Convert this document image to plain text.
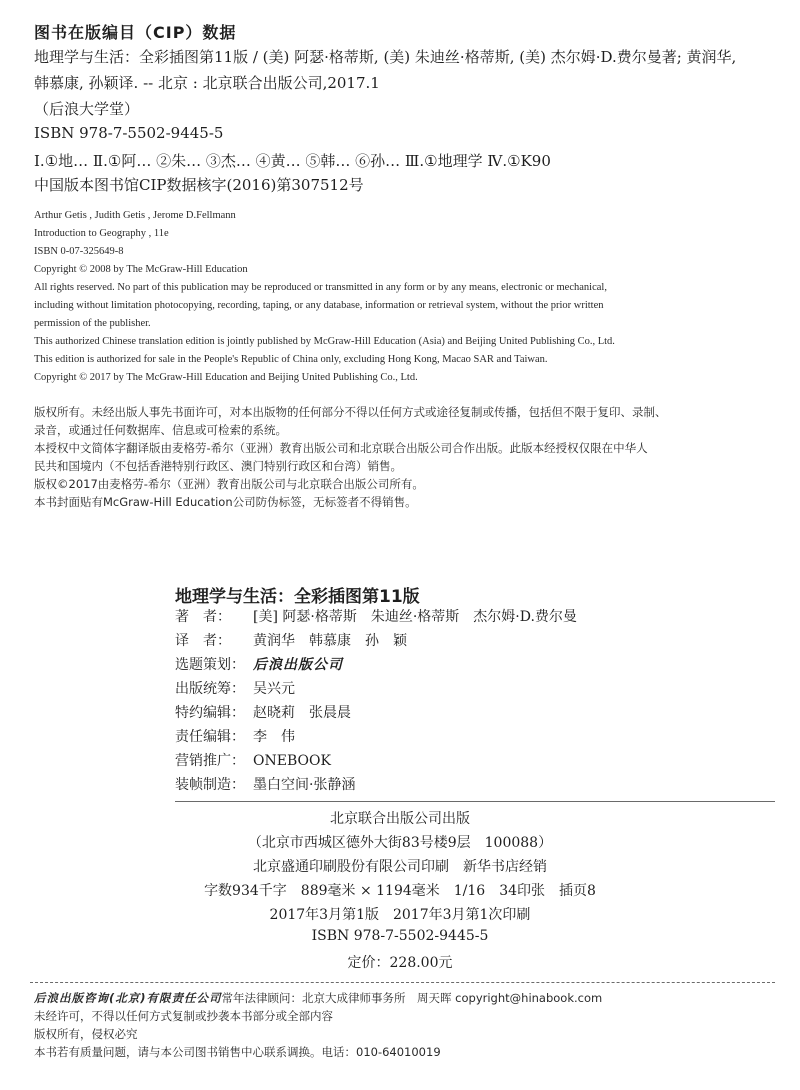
图书在版编目（CIP）数据
地理学与生活：全彩插图第11版 / (美) 阿瑟·格蒂斯, (美) 朱迪丝·格蒂斯, (美) 杰尔姆·D.费尔曼著; 黄润华,
韩慕康, 孙颖译. -- 北京 : 北京联合出版公司,2017.1
（后浪大学堂）
ISBN 978-7-5502-9445-5
Ⅰ.①地… Ⅱ.①阿… ②朱… ③杰… ④黄… ⑤韩… ⑥孙… Ⅲ.①地理学 Ⅳ.①K90
中国版本图书馆CIP数据核字(2016)第307512号
Arthur Getis , Judith Getis , Jerome D.Fellmann
Introduction to Geography , 11e
ISBN 0-07-325649-8
Copyright © 2008 by The McGraw-Hill Education
All rights reserved. No part of this publication may be reproduced or transmitted in any form or by any means, electronic or mechanical,
including without limitation photocopying, recording, taping, or any database, information or retrieval system, without the prior written
permission of the publisher.
This authorized Chinese translation edition is jointly published by McGraw-Hill Education (Asia) and Beijing United Publishing Co., Ltd.
This edition is authorized for sale in the People's Republic of China only, excluding Hong Kong, Macao SAR and Taiwan.
Copyright © 2017 by The McGraw-Hill Education and Beijing United Publishing Co., Ltd.
版权所有。未经出版人事先书面许可，对本出版物的任何部分不得以任何方式或途径复制或传播，包括但不限于复印、录制、
录音，或通过任何数据库、信息或可检索的系统。
本授权中文简体字翻译版由麦格劳-希尔（亚洲）教育出版公司和北京联合出版公司合作出版。此版本经授权仅限在中华人
民共和国境内（不包括香港特别行政区、澳门特别行政区和台湾）销售。
版权©2017由麦格劳-希尔（亚洲）教育出版公司与北京联合出版公司所有。
本书封面贴有McGraw-Hill Education公司防伪标签，无标签者不得销售。
地理学与生活：全彩插图第11版
著　者： [美] 阿瑟·格蒂斯　朱迪丝·格蒂斯　杰尔姆·D.费尔曼
译　者： 黄润华　韩慕康　孙　颖
选题策划： 后浪出版公司
出版统筹： 吴兴元
特约编辑： 赵晓莉　张晨晨
责任编辑： 李　伟
营销推广： ONEBOOK
装帧制造： 墨白空间·张静涵
北京联合出版公司出版
（北京市西城区德外大街83号楼9层　100088）
北京盛通印刷股份有限公司印刷　新华书店经销
字数934千字　889毫米 × 1194毫米　1/16　34印张　插页8
2017年3月第1版　2017年3月第1次印刷
ISBN 978-7-5502-9445-5
定价：228.00元
后浪出版咨询(北京)有限责任公司常年法律顾问：北京大成律师事务所　周天晖 copyright@hinabook.com
未经许可，不得以任何方式复制或抄袭本书部分或全部内容
版权所有，侵权必究
本书若有质量问题，请与本公司图书销售中心联系调换。电话：010-64010019
